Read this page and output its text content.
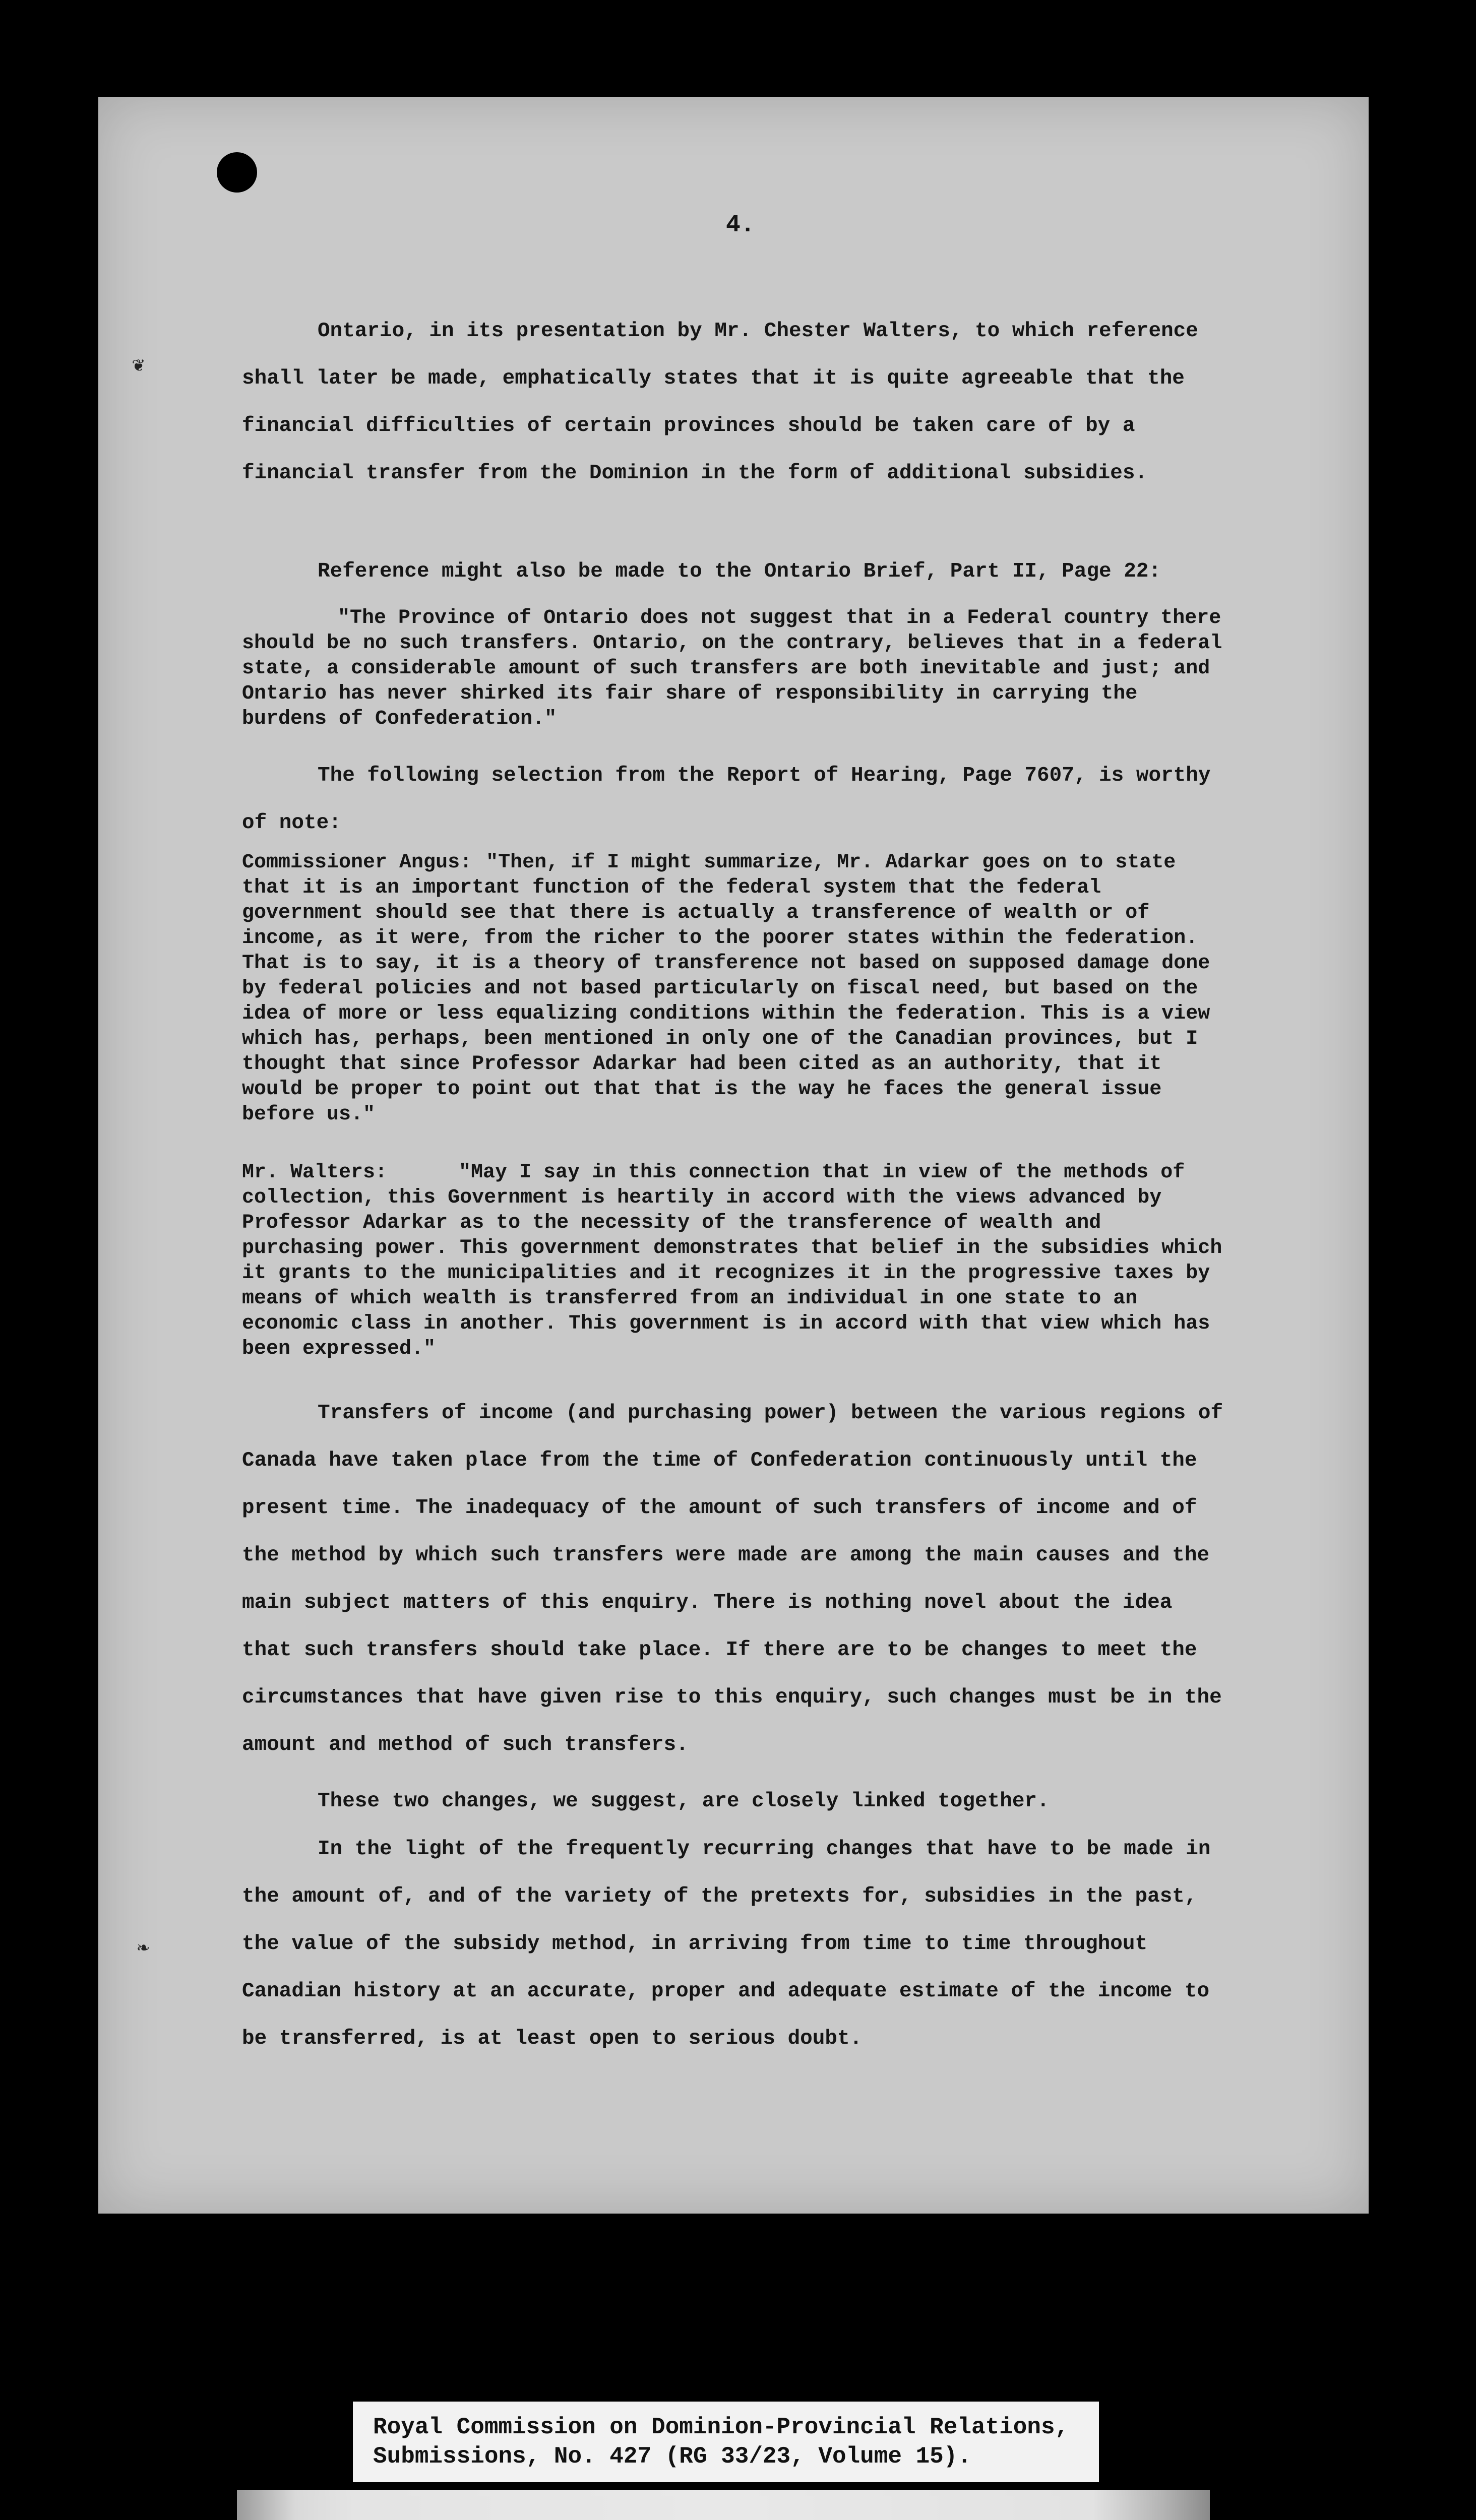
❦
❧
4.

Ontario, in its presentation by Mr. Chester Walters, to which reference shall later be made, emphatically states that it is quite agreeable that the financial difficulties of certain provinces should be taken care of by a financial transfer from the Dominion in the form of additional subsidies.

Reference might also be made to the Ontario Brief, Part II, Page 22:

"The Province of Ontario does not suggest that in a Federal country there should be no such transfers. Ontario, on the contrary, believes that in a federal state, a considerable amount of such transfers are both inevitable and just; and Ontario has never shirked its fair share of responsibility in carrying the burdens of Confederation."

The following selection from the Report of Hearing, Page 7607, is worthy of note:

Commissioner Angus: "Then, if I might summarize, Mr. Adarkar goes on to state that it is an important function of the federal system that the federal government should see that there is actually a transference of wealth or of income, as it were, from the richer to the poorer states within the federation. That is to say, it is a theory of transference not based on supposed damage done by federal policies and not based particularly on fiscal need, but based on the idea of more or less equalizing conditions within the federation. This is a view which has, perhaps, been mentioned in only one of the Canadian provinces, but I thought that since Professor Adarkar had been cited as an authority, that it would be proper to point out that that is the way he faces the general issue before us."

Mr. Walters:	"May I say in this connection that in view of the methods of collection, this Government is heartily in accord with the views advanced by Professor Adarkar as to the necessity of the transference of wealth and purchasing power. This government demonstrates that belief in the subsidies which it grants to the municipalities and it recognizes it in the progressive taxes by means of which wealth is transferred from an individual in one state to an economic class in another. This government is in accord with that view which has been expressed."

Transfers of income (and purchasing power) between the various regions of Canada have taken place from the time of Confederation continuously until the present time. The inadequacy of the amount of such transfers of income and of the method by which such transfers were made are among the main causes and the main subject matters of this enquiry. There is nothing novel about the idea that such transfers should take place. If there are to be changes to meet the circumstances that have given rise to this enquiry, such changes must be in the amount and method of such transfers.

These two changes, we suggest, are closely linked together.

In the light of the frequently recurring changes that have to be made in the amount of, and of the variety of the pretexts for, subsidies in the past, the value of the subsidy method, in arriving from time to time throughout Canadian history at an accurate, proper and adequate estimate of the income to be transferred, is at least open to serious doubt.

Royal Commission on Dominion-Provincial Relations,
Submissions, No. 427 (RG 33/23, Volume 15).
